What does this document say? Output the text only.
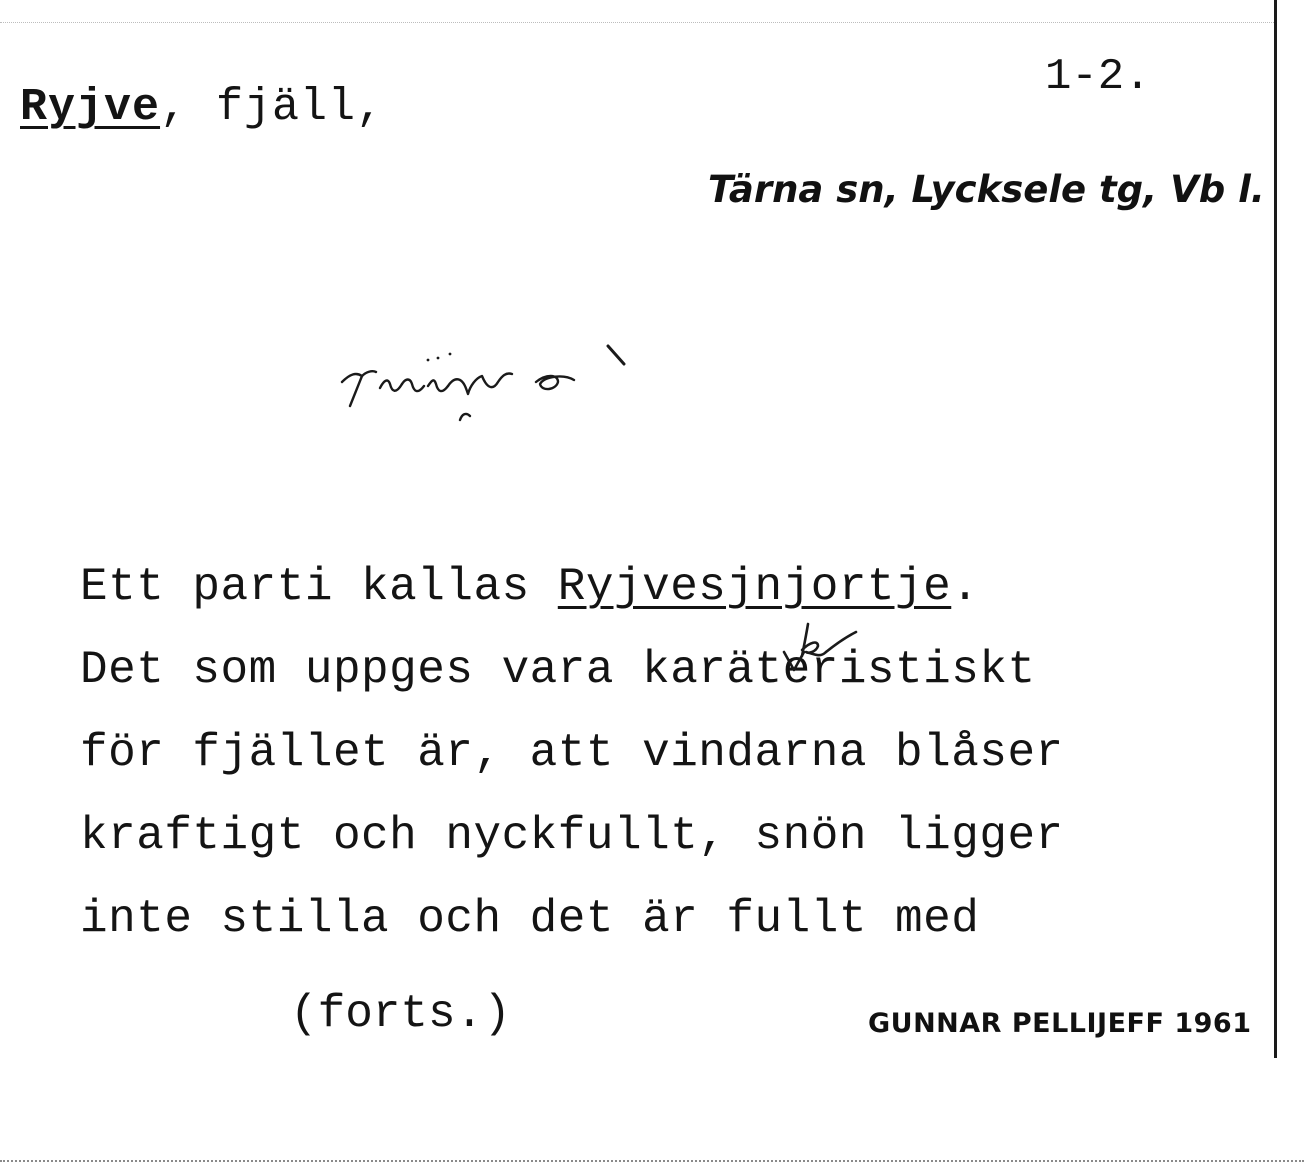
Ryjve, fjäll,
1-2.
Tärna sn, Lycksele tg, Vb l.
Ett parti kallas Ryjvesjnjortje.
Det som uppges vara karäteristiskt
för fjället är, att vindarna blåser
kraftigt och nyckfullt, snön ligger
inte stilla och det är fullt med
(forts.)	GUNNAR PELLIJEFF 1961
